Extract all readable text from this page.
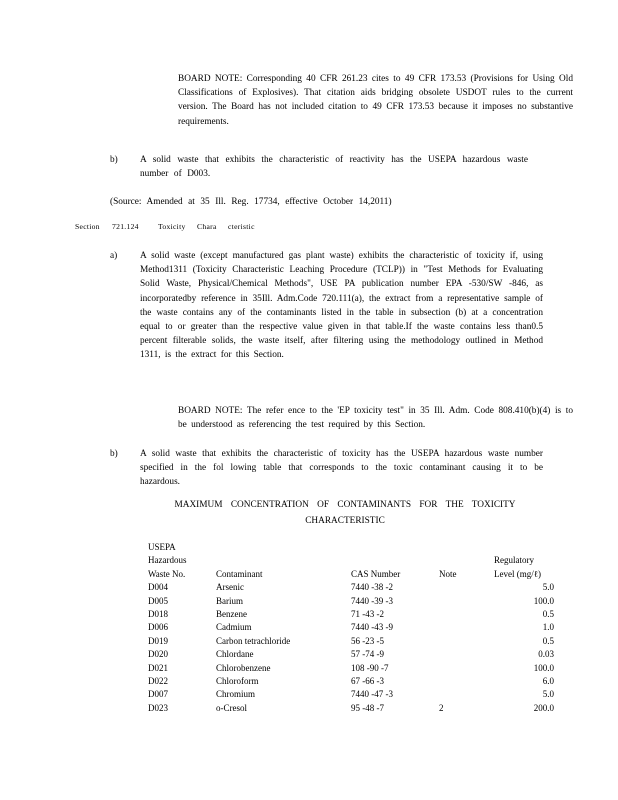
BOARD NOTE: Corresponding 40 CFR 261.23 cites to 49 CFR 173.53 (Provisions for Using Old Classifications of Explosives). That citation aids bridging obsolete USDOT rules to the current version. The Board has not included citation to 49 CFR 173.53 because it imposes no substantive requirements.
b) A solid waste that exhibits the characteristic of reactivity has the USEPA hazardous waste number of D003.
(Source: Amended at 35 Ill. Reg. 17734, effective October 14,2011)
Section 721.124	Toxicity Chara cteristic
a) A solid waste (except manufactured gas plant waste) exhibits the characteristic of toxicity if, using Method1311 (Toxicity Characteristic Leaching Procedure (TCLP)) in "Test Methods for Evaluating Solid Waste, Physical/Chemical Methods", USE PA publication number EPA -530/SW -846, as incorporatedby reference in 35Ill. Adm.Code 720.111(a), the extract from a representative sample of the waste contains any of the contaminants listed in the table in subsection (b) at a concentration equal to or greater than the respective value given in that table.If the waste contains less than0.5 percent filterable solids, the waste itself, after filtering using the methodology outlined in Method 1311, is the extract for this Section.
BOARD NOTE: The refer ence to the 'EP toxicity test" in 35 Ill. Adm. Code 808.410(b)(4) is to be understood as referencing the test required by this Section.
b) A solid waste that exhibits the characteristic of toxicity has the USEPA hazardous waste number specified in the fol lowing table that corresponds to the toxic contaminant causing it to be hazardous.
MAXIMUM CONCENTRATION OF CONTAMINANTS FOR THE TOXICITY
CHARACTERISTIC
USEPA
Hazardous
Waste No.	Contaminant	CAS Number	Note	Regulatory
Level (mg/ℓ)

D004	Arsenic	7440 -38 -2		5.0
D005	Barium	7440 -39 -3		100.0
D018	Benzene	71 -43 -2		0.5
D006	Cadmium	7440 -43 -9		1.0
D019	Carbon tetrachloride	56 -23 -5		0.5
D020	Chlordane	57 -74 -9		0.03
D021	Chlorobenzene	108 -90 -7		100.0
D022	Chloroform	67 -66 -3		6.0
D007	Chromium	7440 -47 -3		5.0
D023	o-Cresol	95 -48 -7	2	200.0
